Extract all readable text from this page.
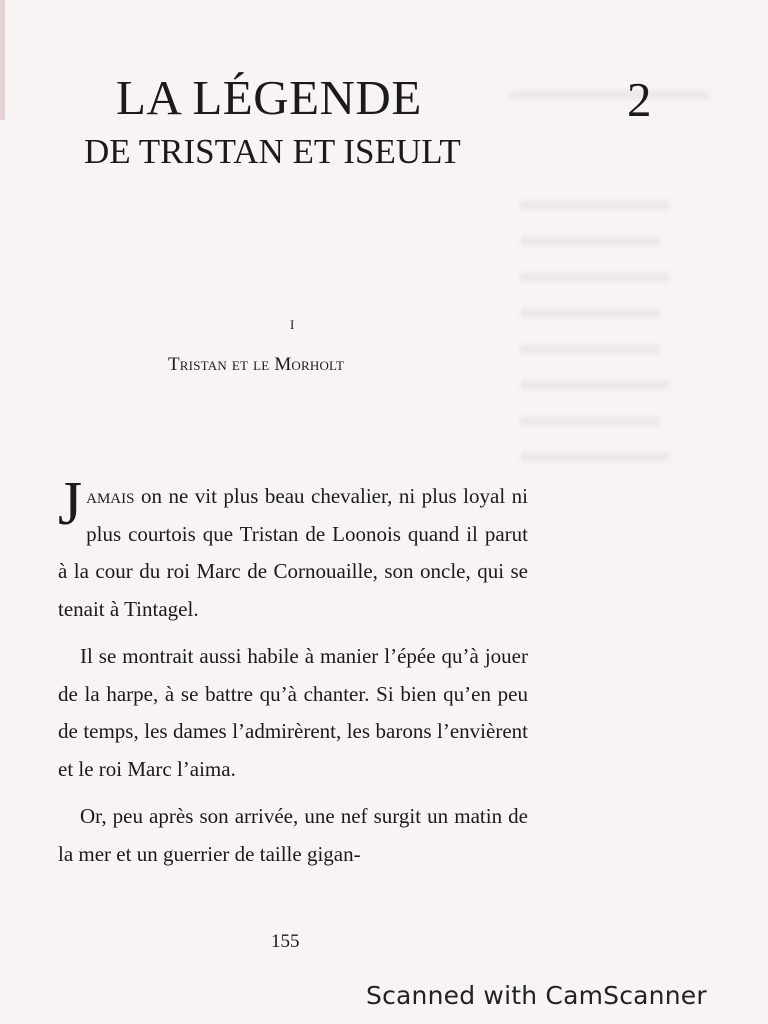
LA LÉGENDE	2
DE TRISTAN ET ISEULT
I
Tristan et le Morholt

Jamais on ne vit plus beau chevalier, ni plus loyal ni plus courtois que Tristan de Loonois quand il parut à la cour du roi Marc de Cornouaille, son oncle, qui se tenait à Tintagel.

Il se montrait aussi habile à manier l’épée qu’à jouer de la harpe, à se battre qu’à chanter. Si bien qu’en peu de temps, les dames l’admirèrent, les barons l’envièrent et le roi Marc l’aima.

Or, peu après son arrivée, une nef surgit un matin de la mer et un guerrier de taille gigan-

155
Scanned with CamScanner
